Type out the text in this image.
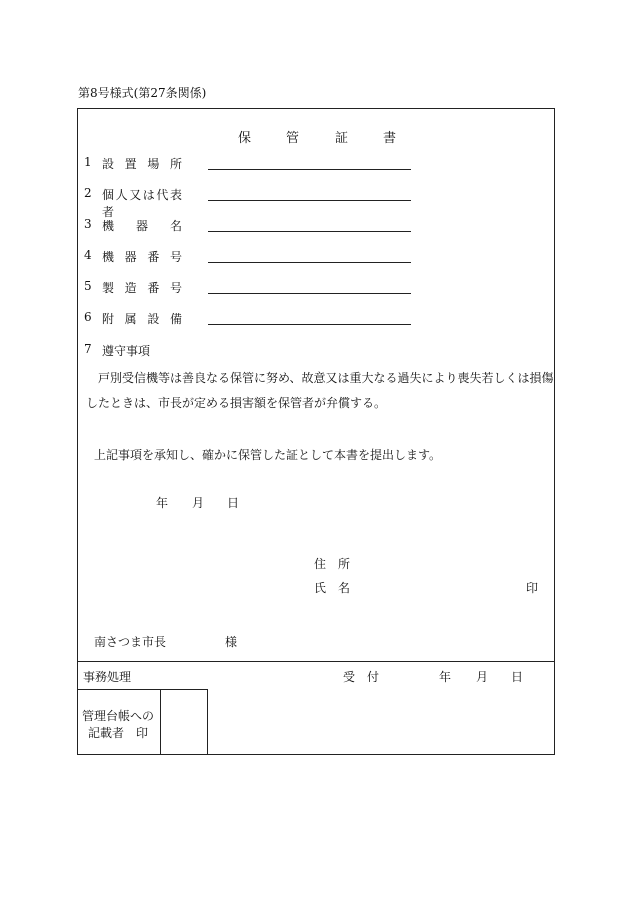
第8号様式(第27条関係)
保	管	証	書
1 設置場所
2 個人又は代表者
3 機器名
4 機器番号
5 製造番号
6 附属設備
7 遵守事項
　戸別受信機等は善良なる保管に努め、故意又は重大なる過失により喪失若しくは損傷
したときは、市長が定める損害額を保管者が弁償する。
上記事項を承知し、確かに保管した証として本書を提出します。
年 月 日
住　所
氏　名	印
南さつま市長	様
事務処理	受　付	年 月 日
管理台帳への
記載者　印
